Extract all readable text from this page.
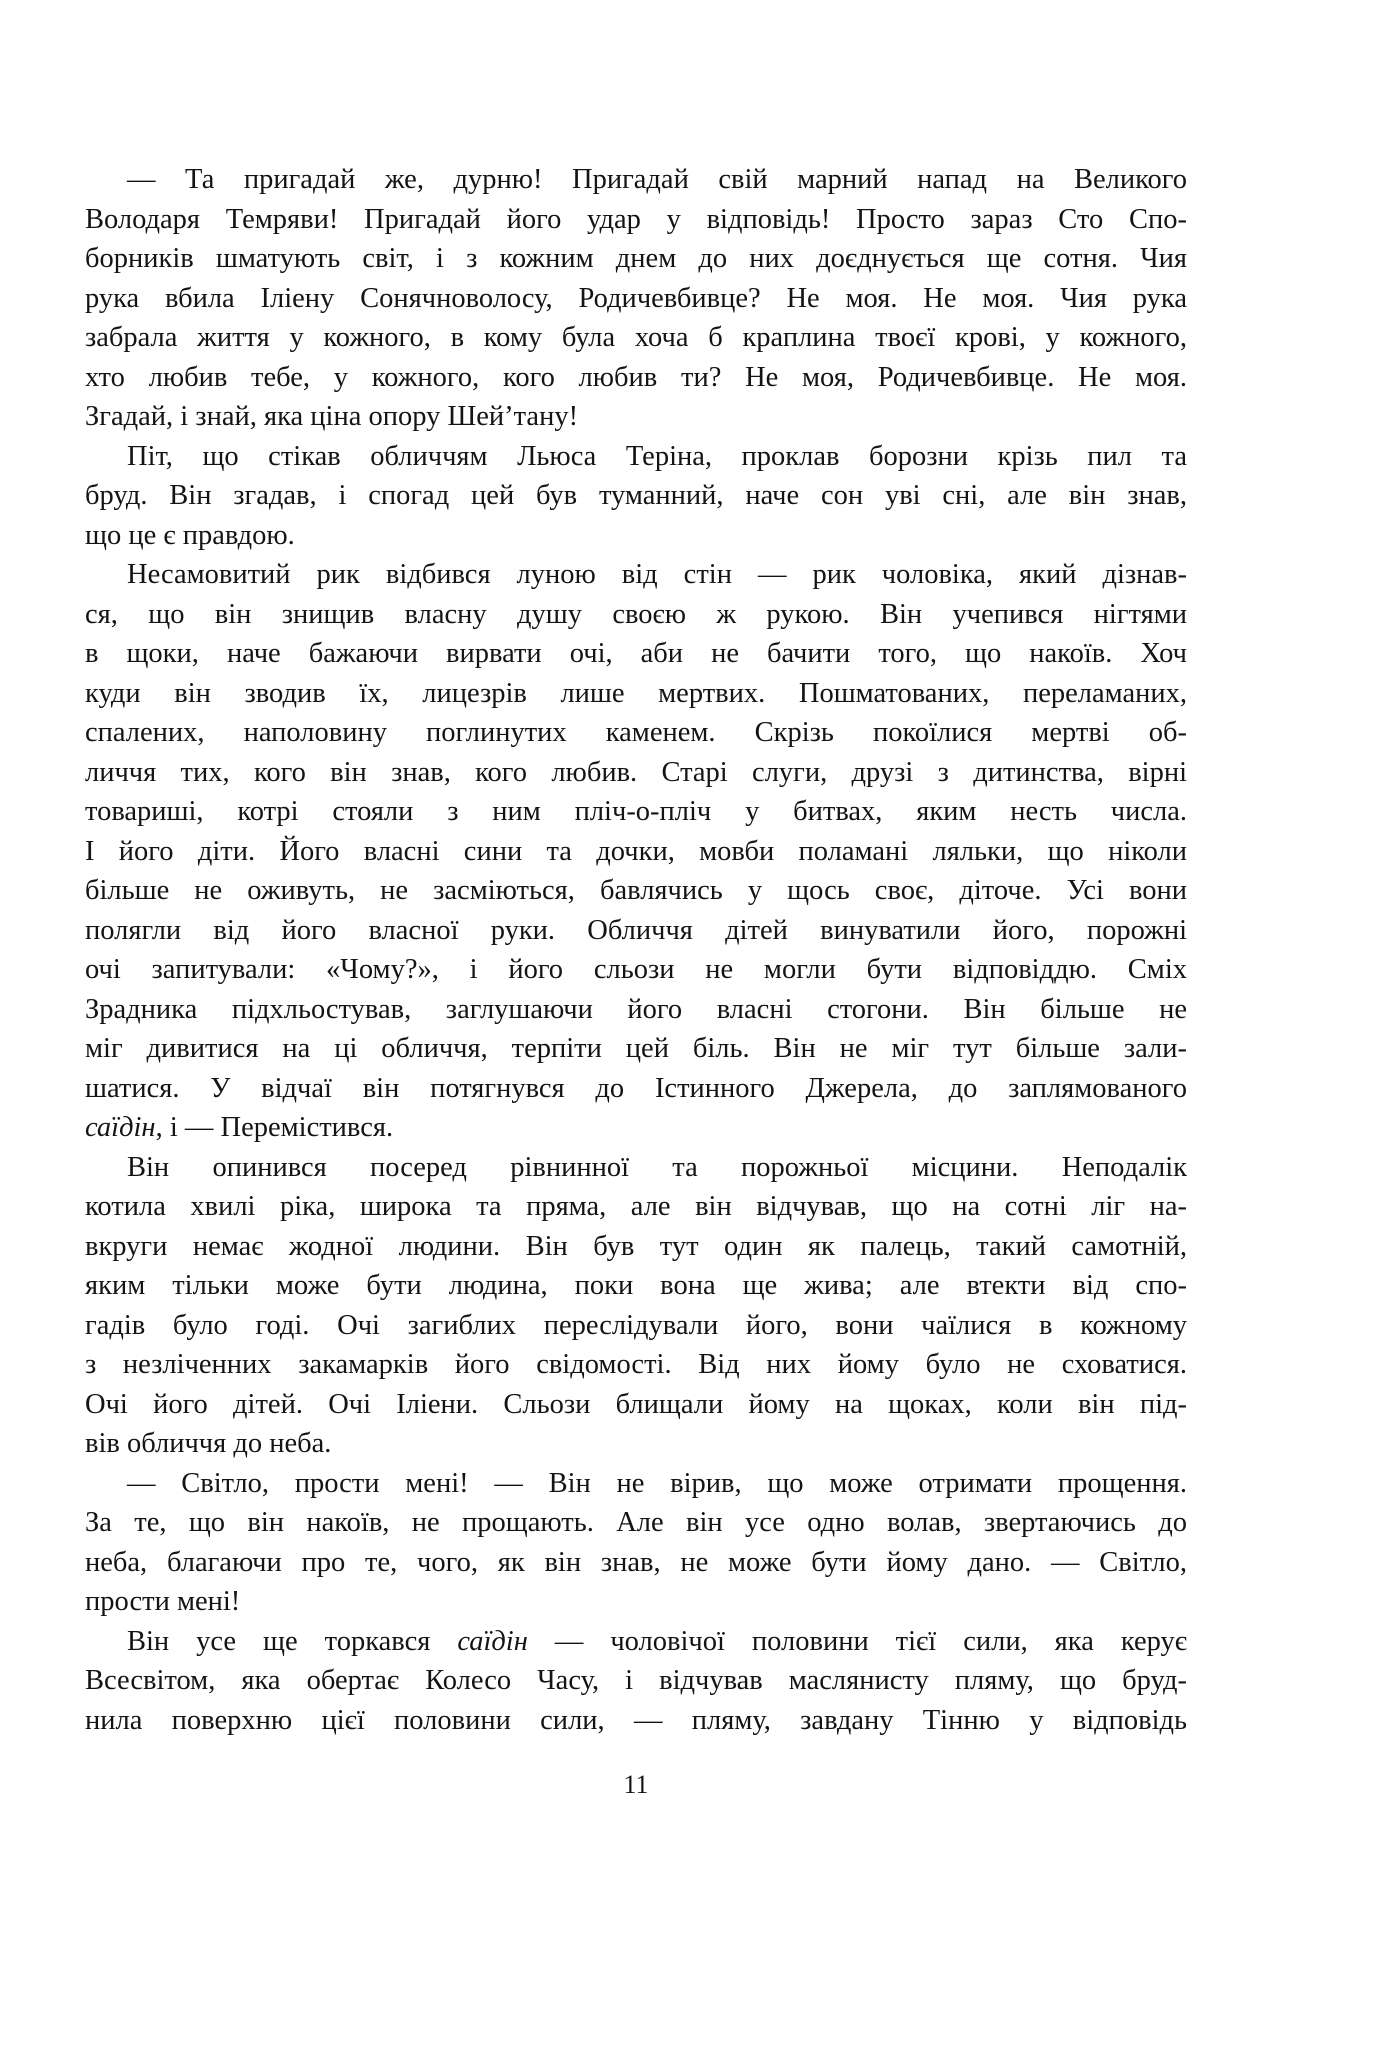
— Та пригадай же, дурню! Пригадай свій марний напад на Великого
Володаря Темряви! Пригадай його удар у відповідь! Просто зараз Сто Спо-
борників шматують світ, і з кожним днем до них доєднується ще сотня. Чия
рука вбила Іліену Сонячноволосу, Родичевбивце? Не моя. Не моя. Чия рука
забрала життя у кожного, в кому була хоча б краплина твоєї крові, у кожного,
хто любив тебе, у кожного, кого любив ти? Не моя, Родичевбивце. Не моя.
Згадай, і знай, яка ціна опору Шей’тану!
Піт, що стікав обличчям Льюса Теріна, проклав борозни крізь пил та
бруд. Він згадав, і спогад цей був туманний, наче сон уві сні, але він знав,
що це є правдою.
Несамовитий рик відбився луною від стін — рик чоловіка, який дізнав-
ся, що він знищив власну душу своєю ж рукою. Він учепився нігтями
в щоки, наче бажаючи вирвати очі, аби не бачити того, що накоїв. Хоч
куди він зводив їх, лицезрів лише мертвих. Пошматованих, переламаних,
спалених, наполовину поглинутих каменем. Скрізь покоїлися мертві об-
личчя тих, кого він знав, кого любив. Старі слуги, друзі з дитинства, вірні
товариші, котрі стояли з ним пліч-о-пліч у битвах, яким несть числа.
І його діти. Його власні сини та дочки, мовби поламані ляльки, що ніколи
більше не оживуть, не засміються, бавлячись у щось своє, діточе. Усі вони
полягли від його власної руки. Обличчя дітей винуватили його, порожні
очі запитували: «Чому?», і його сльози не могли бути відповіддю. Сміх
Зрадника підхльостував, заглушаючи його власні стогони. Він більше не
міг дивитися на ці обличчя, терпіти цей біль. Він не міг тут більше зали-
шатися. У відчаї він потягнувся до Істинного Джерела, до заплямованого
саїдін, і — Перемістився.
Він опинився посеред рівнинної та порожньої місцини. Неподалік
котила хвилі ріка, широка та пряма, але він відчував, що на сотні ліг на-
вкруги немає жодної людини. Він був тут один як палець, такий самотній,
яким тільки може бути людина, поки вона ще жива; але втекти від спо-
гадів було годі. Очі загиблих переслідували його, вони чаїлися в кожному
з незліченних закамарків його свідомості. Від них йому було не сховатися.
Очі його дітей. Очі Іліени. Сльози блищали йому на щоках, коли він під-
вів обличчя до неба.
— Світло, прости мені! — Він не вірив, що може отримати прощення.
За те, що він накоїв, не прощають. Але він усе одно волав, звертаючись до
неба, благаючи про те, чого, як він знав, не може бути йому дано. — Світло,
прости мені!
Він усе ще торкався саїдін — чоловічої половини тієї сили, яка керує
Всесвітом, яка обертає Колесо Часу, і відчував маслянисту пляму, що бруд-
нила поверхню цієї половини сили, — пляму, завдану Тінню у відповідь
11
